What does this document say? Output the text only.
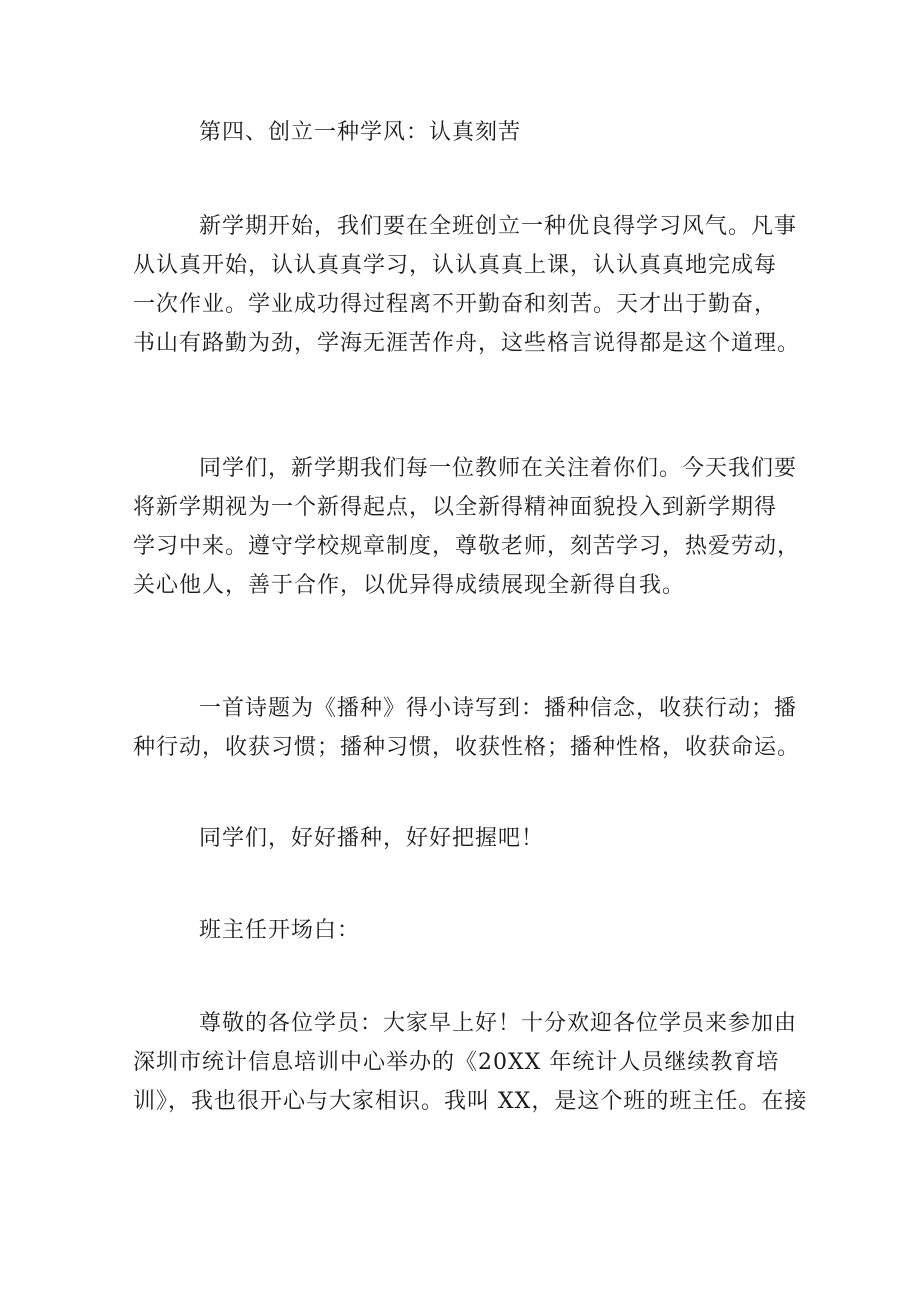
第四、创立一种学风：认真刻苦

新学期开始，我们要在全班创立一种优良得学习风气。凡事
从认真开始，认认真真学习，认认真真上课，认认真真地完成每
一次作业。学业成功得过程离不开勤奋和刻苦。天才出于勤奋，
书山有路勤为劲，学海无涯苦作舟，这些格言说得都是这个道理。

同学们，新学期我们每一位教师在关注着你们。今天我们要
将新学期视为一个新得起点，以全新得精神面貌投入到新学期得
学习中来。遵守学校规章制度，尊敬老师，刻苦学习，热爱劳动，
关心他人，善于合作，以优异得成绩展现全新得自我。

一首诗题为《播种》得小诗写到：播种信念，收获行动；播
种行动，收获习惯；播种习惯，收获性格；播种性格，收获命运。

同学们，好好播种，好好把握吧！

班主任开场白：

尊敬的各位学员：大家早上好！十分欢迎各位学员来参加由
深圳市统计信息培训中心举办的《20XX 年统计人员继续教育培
训》，我也很开心与大家相识。我叫 XX，是这个班的班主任。在接
